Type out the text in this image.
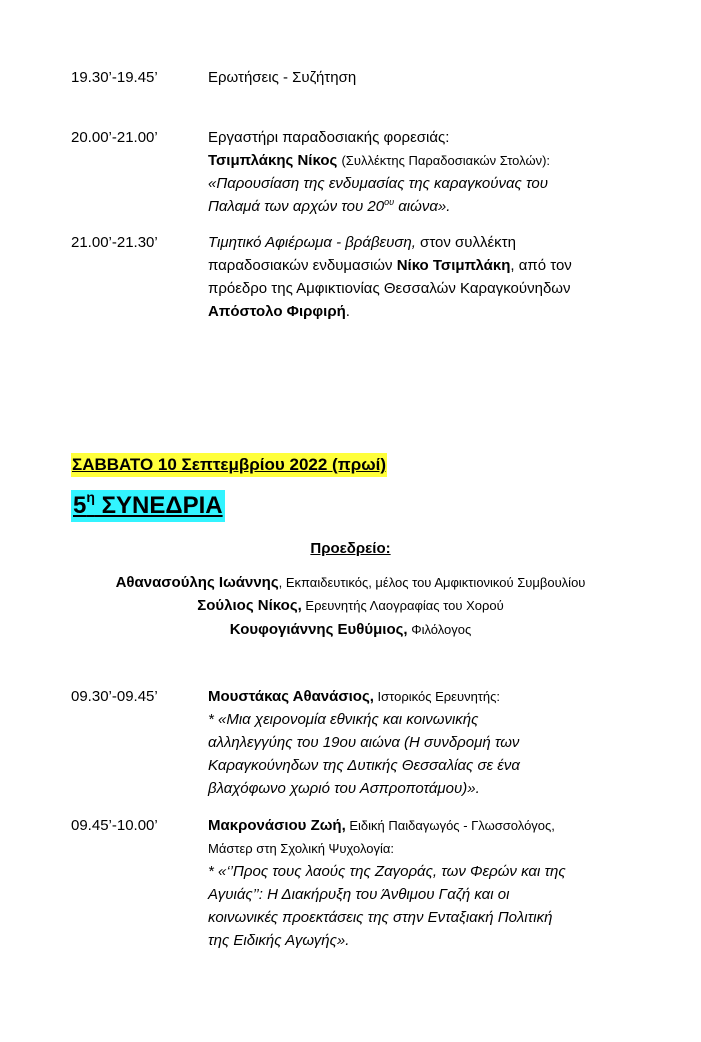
19.30’-19.45’	Ερωτήσεις - Συζήτηση
20.00’-21.00’	Εργαστήρι παραδοσιακής φορεσιάς:
Τσιμπλάκης Νίκος (Συλλέκτης Παραδοσιακών Στολών):
«Παρουσίαση της ενδυμασίας της καραγκούνας του
Παλαμά των αρχών του $20^{o\upsilon}$ αιώνα».
21.00’-21.30’	Τιμητικό Αφιέρωμα - βράβευση, στον συλλέκτη
παραδοσιακών ενδυμασιών Νίκο Τσιμπλάκη, από τον
πρόεδρο της Αμφικτιονίας Θεσσαλών Καραγκούνηδων
Απόστολο Φιρφιρή.
ΣΑΒΒΑΤΟ 10 Σεπτεμβρίου 2022 (πρωί)
$5^\eta$ ΣΥΝΕΔΡΙΑ
Προεδρείο:
Αθανασούλης Ιωάννης, Εκπαιδευτικός, μέλος του Αμφικτιονικού Συμβουλίου
Σούλιος Νίκος, Ερευνητής Λαογραφίας του Χορού
Κουφογιάννης Ευθύμιος, Φιλόλογος
09.30’-09.45’	Μουστάκας Αθανάσιος, Ιστορικός Ερευνητής:
* «Μια χειρονομία εθνικής και κοινωνικής
αλληλεγγύης του 19ου αιώνα (Η συνδρομή των
Καραγκούνηδων της Δυτικής Θεσσαλίας σε ένα
βλαχόφωνο χωριό του Ασπροποτάμου)».
09.45’-10.00’	Μακρονάσιου Ζωή, Ειδική Παιδαγωγός - Γλωσσολόγος,
Μάστερ στη Σχολική Ψυχολογία:
* «‘’Προς τους λαούς της Ζαγοράς, των Φερών και της
Αγυιάς’’: Η Διακήρυξη του Άνθιμου Γαζή και οι
κοινωνικές προεκτάσεις της στην Ενταξιακή Πολιτική
της Ειδικής Αγωγής».
